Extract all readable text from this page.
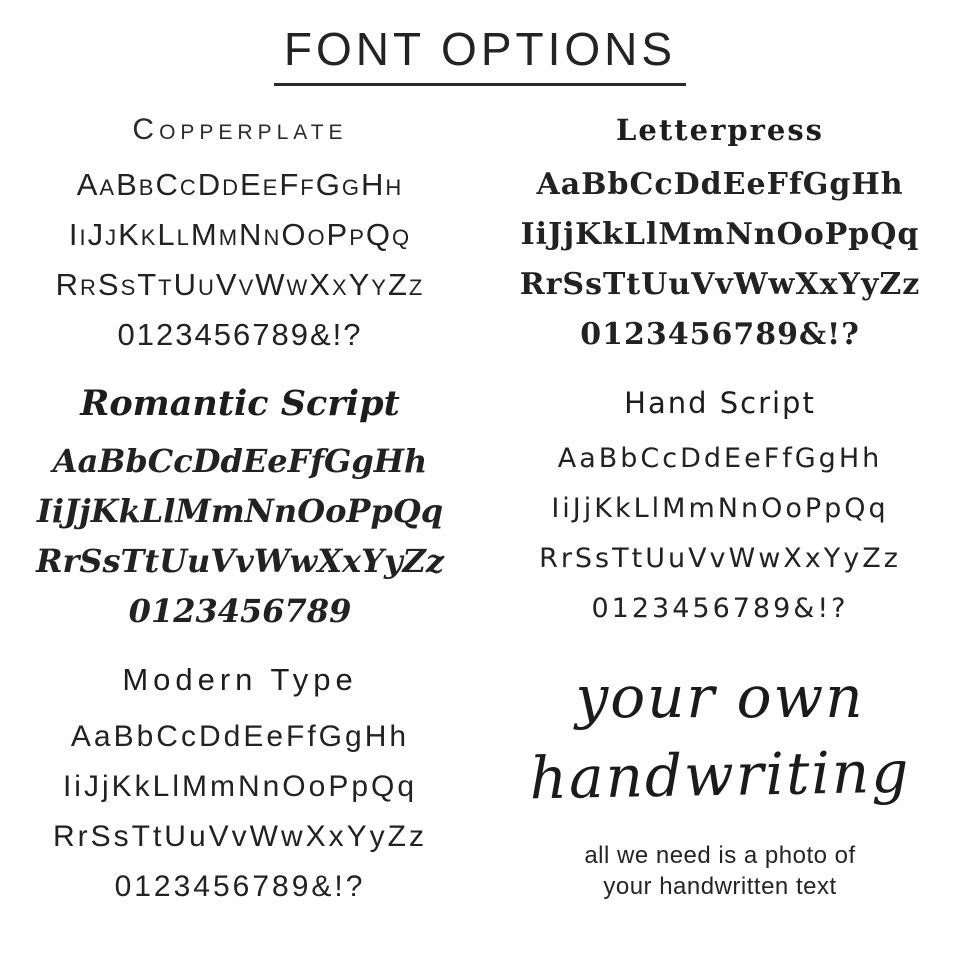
FONT OPTIONS
Copperplate
AaBbCcDdEeFfGgHh
IiJjKkLlMmNnOoPpQq
RrSsTtUuVvWwXxYyZz
0123456789&!?
Romantic Script
AaBbCcDdEeFfGgHh
IiJjKkLlMmNnOoPpQq
RrSsTtUuVvWwXxYyZz
0123456789
Modern Type
AaBbCcDdEeFfGgHh
IiJjKkLlMmNnOoPpQq
RrSsTtUuVvWwXxYyZz
0123456789&!?
Letterpress
AaBbCcDdEeFfGgHh
IiJjKkLlMmNnOoPpQq
RrSsTtUuVvWwXxYyZz
0123456789&!?
Hand Script
AaBbCcDdEeFfGgHh
IiJjKkLlMmNnOoPpQq
RrSsTtUuVvWwXxYyZz
0123456789&!?
your own
handwriting
all we need is a photo of
your handwritten text
